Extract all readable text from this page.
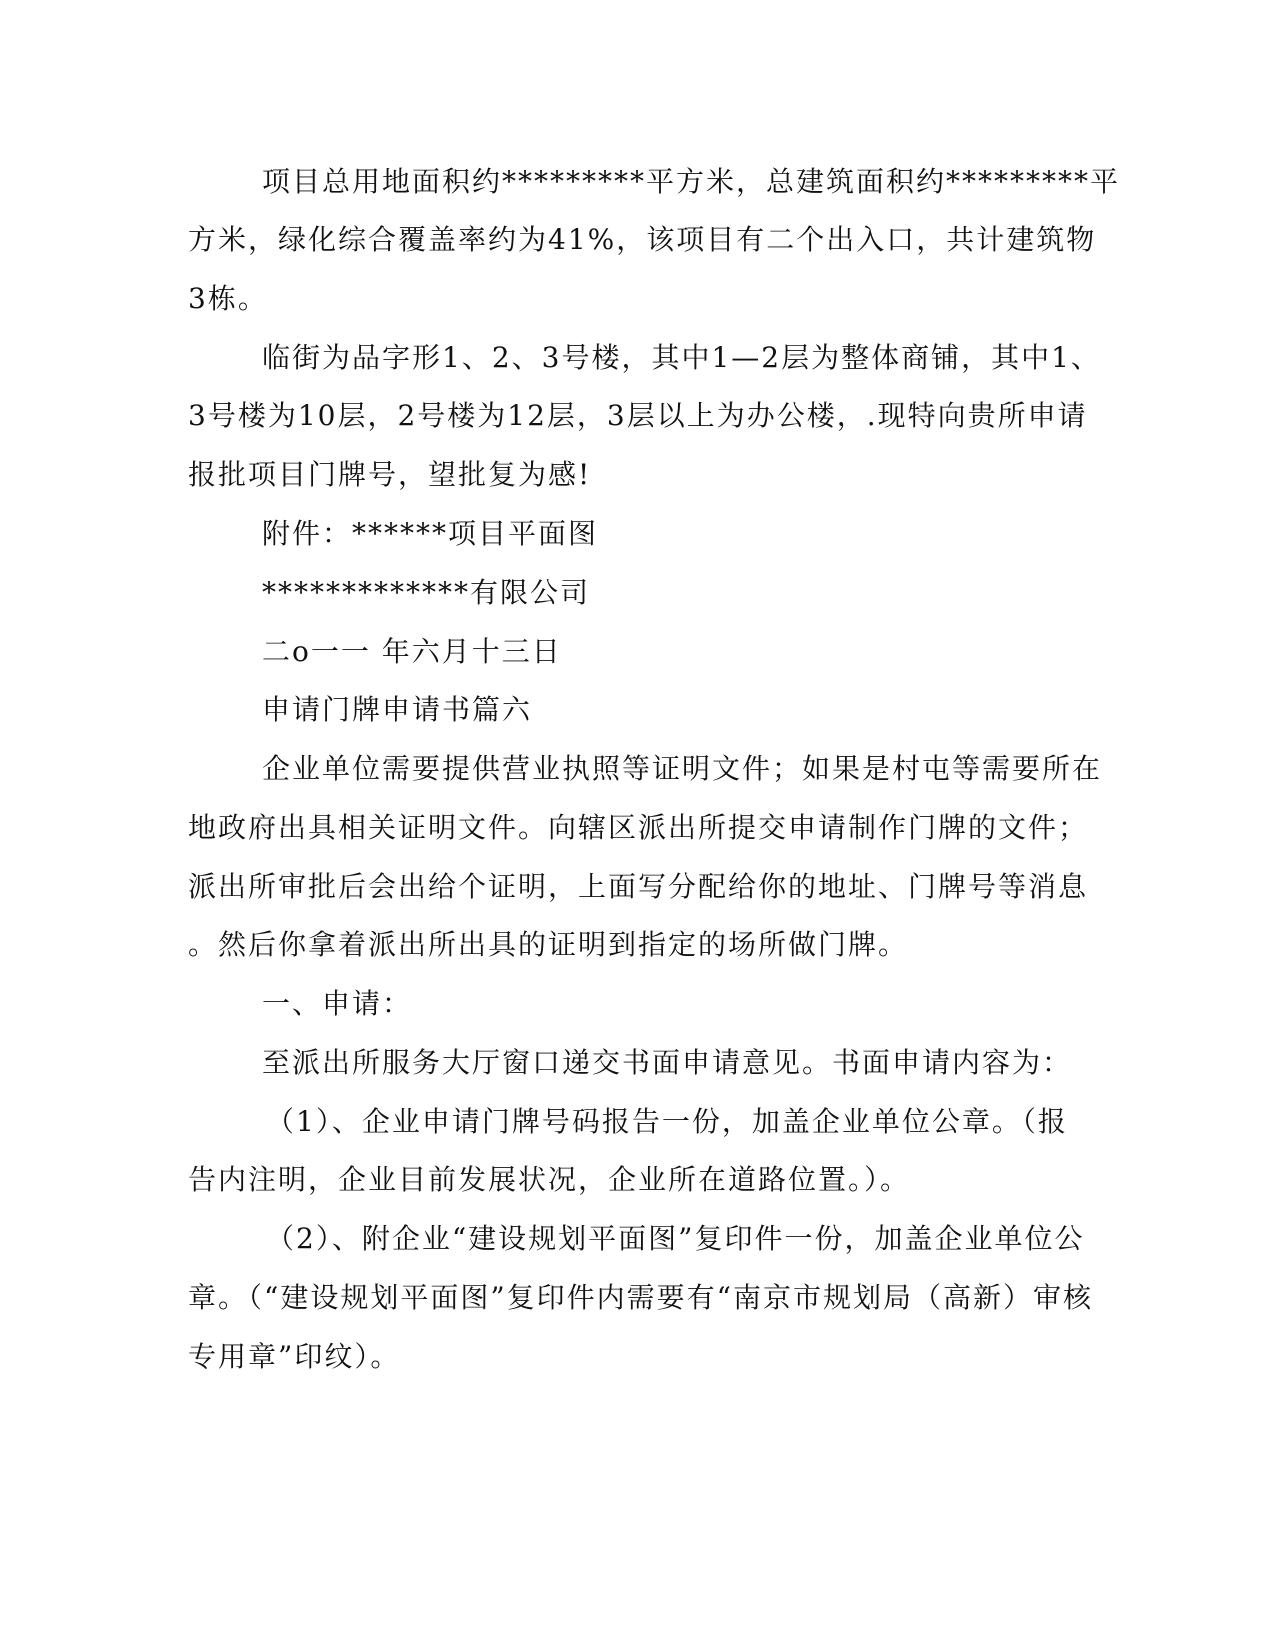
项目总用地面积约*********平方米，总建筑面积约*********平
方米，绿化综合覆盖率约为41%，该项目有二个出入口，共计建筑物
3栋。
临街为品字形1、2、3号楼，其中1—2层为整体商铺，其中1、
3号楼为10层，2号楼为12层，3层以上为办公楼，.现特向贵所申请
报批项目门牌号，望批复为感!
附件：******项目平面图
*************有限公司
二o一一 年六月十三日
申请门牌申请书篇六
企业单位需要提供营业执照等证明文件；如果是村屯等需要所在
地政府出具相关证明文件。向辖区派出所提交申请制作门牌的文件；
派出所审批后会出给个证明，上面写分配给你的地址、门牌号等消息
。然后你拿着派出所出具的证明到指定的场所做门牌。
一、申请：
至派出所服务大厅窗口递交书面申请意见。书面申请内容为：
（1）、企业申请门牌号码报告一份，加盖企业单位公章。（报
告内注明，企业目前发展状况，企业所在道路位置。）。
（2）、附企业“建设规划平面图”复印件一份，加盖企业单位公
章。（“建设规划平面图”复印件内需要有“南京市规划局（高新）审核
专用章”印纹）。
